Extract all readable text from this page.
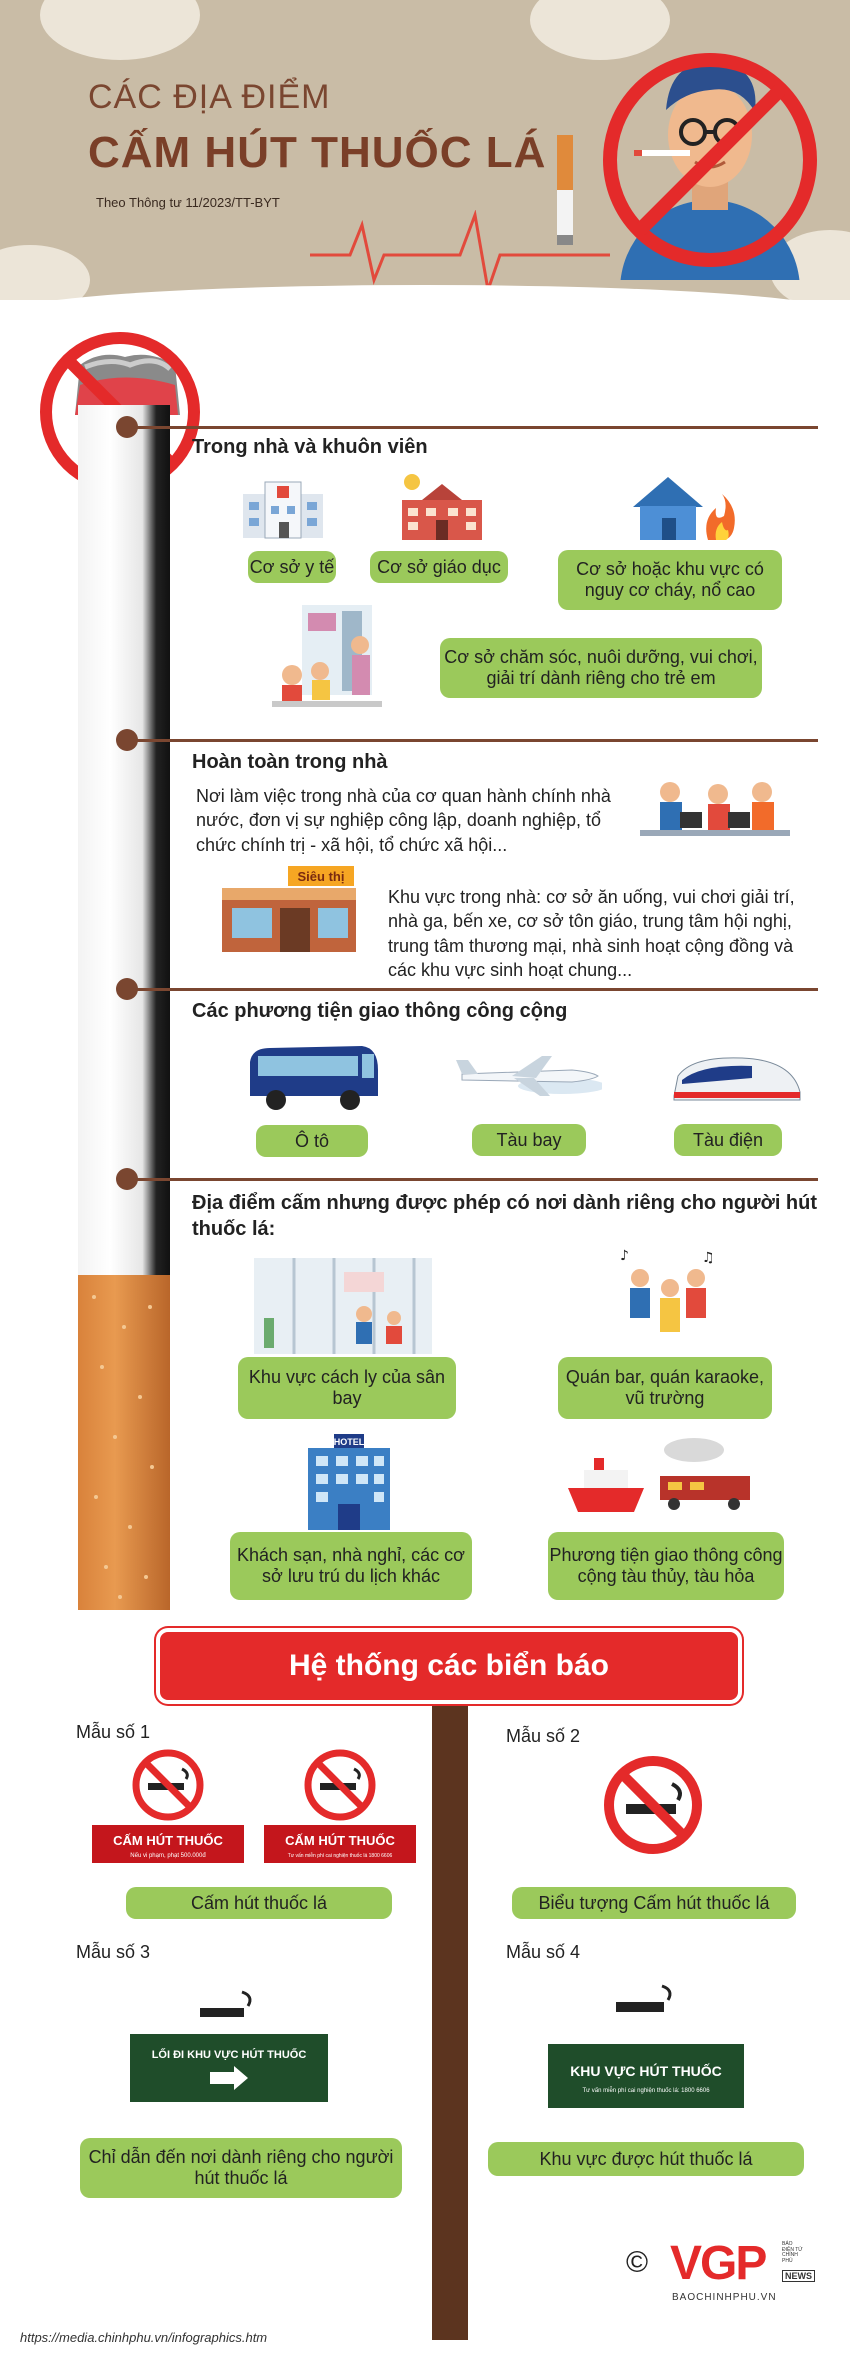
CÁC ĐỊA ĐIỂM
CẤM HÚT THUỐC LÁ
Theo Thông tư 11/2023/TT-BYT
Trong nhà và khuôn viên
Cơ sở y tế	Cơ sở giáo dục	Cơ sở hoặc khu vực có nguy cơ cháy, nổ cao
Cơ sở chăm sóc, nuôi dưỡng, vui chơi, giải trí dành riêng cho trẻ em
Hoàn toàn trong nhà
Nơi làm việc trong nhà của cơ quan hành chính nhà nước, đơn vị sự nghiệp công lập, doanh nghiệp, tổ chức chính trị - xã hội, tổ chức xã hội...
Siêu thị
Khu vực trong nhà: cơ sở ăn uống, vui chơi giải trí, nhà ga, bến xe, cơ sở tôn giáo, trung tâm hội nghị, trung tâm thương mại, nhà sinh hoạt cộng đồng và các khu vực sinh hoạt chung...
Các phương tiện giao thông công cộng
Ô tô	Tàu bay	Tàu điện
Địa điểm cấm nhưng được phép có nơi dành riêng cho người hút thuốc lá:
♪	♫
Khu vực cách ly của sân bay
Quán bar, quán karaoke, vũ trường
HOTEL
Khách sạn, nhà nghỉ, các cơ sở lưu trú du lịch khác
Phương tiện giao thông công cộng tàu thủy, tàu hỏa
Hệ thống các biển báo
Mẫu số 1
CẤM HÚT THUỐC
Nếu vi phạm, phạt 500.000đ
CẤM HÚT THUỐC
Tư vấn miễn phí cai nghiện thuốc lá 1800 6606
Cấm hút thuốc lá
Mẫu số 2
Biểu tượng Cấm hút thuốc lá
Mẫu số 3
LỐI ĐI KHU VỰC HÚT THUỐC
Chỉ dẫn đến nơi dành riêng cho người hút thuốc lá
Mẫu số 4
KHU VỰC HÚT THUỐC
Tư vấn miễn phí cai nghiện thuốc lá: 1800 6606
Khu vực được hút thuốc lá
© VGP	BÁO ĐIỆN TỬ CHÍNH PHỦ
NEWS
BAOCHINHPHU.VN
https://media.chinhphu.vn/infographics.htm
